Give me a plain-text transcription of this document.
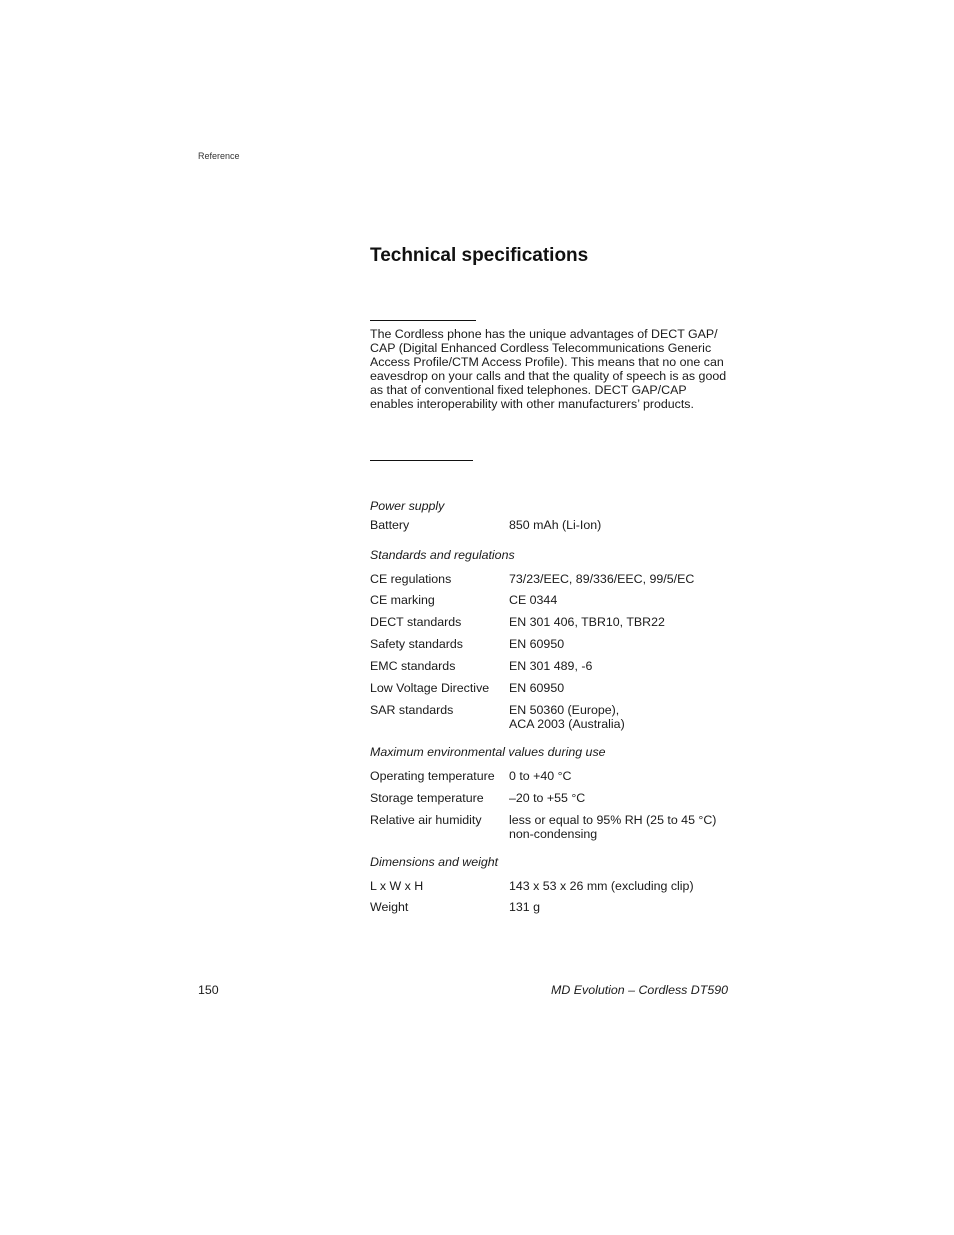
Reference
Technical specifications

The Cordless phone has the unique advantages of DECT GAP/ CAP (Digital Enhanced Cordless Telecommunications Generic Access Profile/CTM Access Profile). This means that no one can eavesdrop on your calls and that the quality of speech is as good as that of conventional fixed telephones. DECT GAP/CAP enables interoperability with other manufacturers’ products.

Power supply
Battery	850 mAh (Li-Ion)
Standards and regulations
CE regulations	73/23/EEC, 89/336/EEC, 99/5/EC
CE marking	CE 0344
DECT standards	EN 301 406, TBR10, TBR22
Safety standards	EN 60950
EMC standards	EN 301 489, -6
Low Voltage Directive EN 60950
SAR standards	EN 50360 (Europe),
ACA 2003 (Australia)
Maximum environmental values during use
Operating temperature 0 to +40 °C
Storage temperature –20 to +55 °C
Relative air humidity less or equal to 95% RH (25 to 45 °C)
non-condensing
Dimensions and weight
L x W x H	143 x 53 x 26 mm (excluding clip)
Weight	131 g
150	MD Evolution – Cordless DT590
